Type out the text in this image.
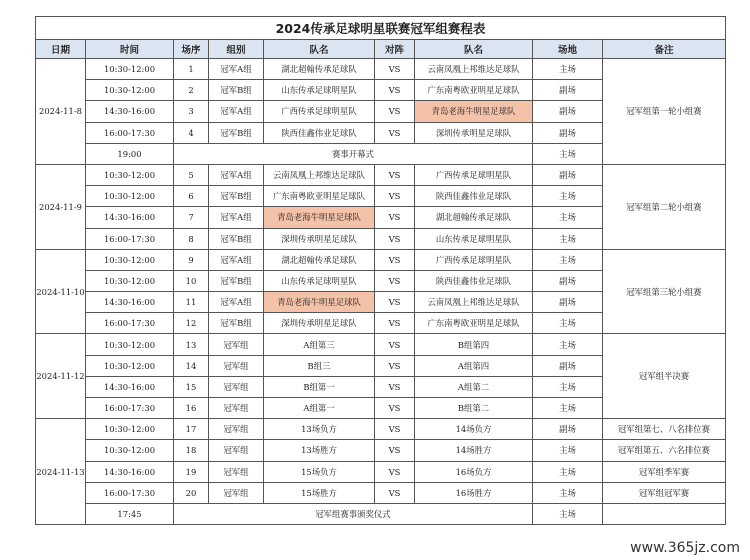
2024传承足球明星联赛冠军组赛程表								
日期	时间	场序	组别	队名	对阵	队名	场地	备注
2024-11-8	10:30-12:00	1	冠军A组	湖北超翰传承足球队	VS	云南凤凰上邦维达足球队	主场	冠军组第一轮小组赛
	10:30-12:00	2	冠军B组	山东传承足球明星队	VS	广东南粤欧亚明星足球队	副场	
	14:30-16:00	3	冠军A组	广西传承足球明星队	VS	青岛老海牛明星足球队	副场	
	16:00-17:30	4	冠军B组	陕西佳鑫伟业足球队	VS	深圳传承明星足球队	副场	
	19:00	赛事开幕式					主场	
2024-11-9	10:30-12:00	5	冠军A组	云南凤凰上邦维达足球队	VS	广西传承足球明星队	副场	冠军组第二轮小组赛
	10:30-12:00	6	冠军B组	广东南粤欧亚明星足球队	VS	陕西佳鑫伟业足球队	主场	
	14:30-16:00	7	冠军A组	青岛老海牛明星足球队	VS	湖北超翰传承足球队	主场	
	16:00-17:30	8	冠军B组	深圳传承明星足球队	VS	山东传承足球明星队	主场	
2024-11-10	10:30-12:00	9	冠军A组	湖北超翰传承足球队	VS	广西传承足球明星队	主场	冠军组第三轮小组赛
	10:30-12:00	10	冠军B组	山东传承足球明星队	VS	陕西佳鑫伟业足球队	副场	
	14:30-16:00	11	冠军A组	青岛老海牛明星足球队	VS	云南凤凰上邦维达足球队	副场	
	16:00-17:30	12	冠军B组	深圳传承明星足球队	VS	广东南粤欧亚明星足球队	主场	
2024-11-12	10:30-12:00	13	冠军组	A组第三	VS	B组第四	主场	冠军组半决赛
	10:30-12:00	14	冠军组	B组三	VS	A组第四	副场	
	14:30-16:00	15	冠军组	B组第一	VS	A组第二	主场	
	16:00-17:30	16	冠军组	A组第一	VS	B组第二	主场	
2024-11-13	10:30-12:00	17	冠军组	13场负方	VS	14场负方	副场	冠军组第七、八名排位赛
	10:30-12:00	18	冠军组	13场胜方	VS	14场胜方	主场	冠军组第五、六名排位赛
	14:30-16:00	19	冠军组	15场负方	VS	16场负方	主场	冠军组季军赛
	16:00-17:30	20	冠军组	15场胜方	VS	16场胜方	主场	冠军组冠军赛
	17:45	冠军组赛事颁奖仪式					主场	
www.365jz.com
